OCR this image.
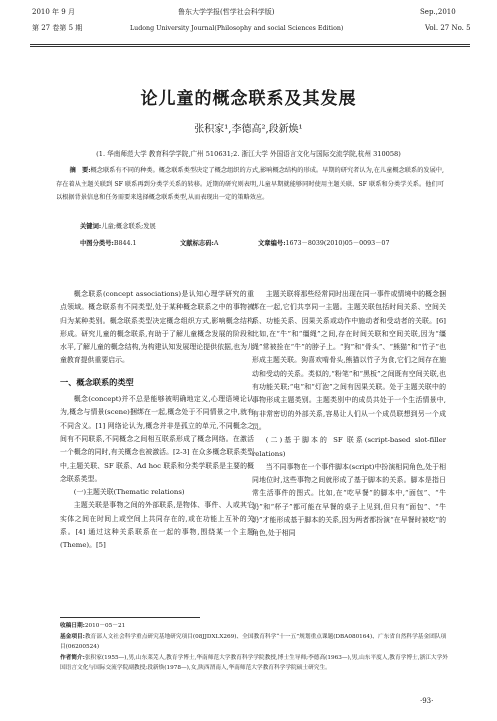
2010 年 9 月	鲁东大学学报(哲学社会科学版)	Sep.,2010
第 27 卷第 5 期	Ludong University Journal(Philosophy and social Sciences Edition)	Vol. 27 No. 5
论儿童的概念联系及其发展
张积家¹,李德高²,段新焕¹
(1. 华南师范大学 教育科学学院,广州 510631;2. 浙江大学 外国语言文化与国际交流学院,杭州 310058)

摘　要:概念联系有不同的种类。概念联系类型决定了概念组织的方式,影响概念结构的形成。早期的研究者认为,在儿童概念联系的发展中,存在着从主题关联到 SF 联系再到分类学关系的转移。近期的研究则表明,儿童早期就能够同时使用主题关联、SF 联系和分类学关系。他们可以根据背景信息和任务需要来选择概念联系类型,从而表现出一定的策略效应。

关键词:儿童;概念联系;发展
中图分类号:B844.1	文献标志码:A	文章编号:1673－8039(2010)05－0093－07

概念联系(concept associations)是认知心理学研究的重点领域。概念联系有不同类型,处于某种概念联系之中的事物被归为某种类别。概念联系类型决定概念组织方式,影响概念结构形成。研究儿童的概念联系,有助于了解儿童概念发展的阶段和水平,了解儿童的概念结构,为构建认知发展理论提供依据,也为儿童教育提供重要启示。

一、概念联系的类型

概念(concept)并不总是能够被明确地定义,心理语境论认为,概念与情景(scene)捆绑在一起,概念处于不同情景之中,就有不同含义。[1] 网络论认为,概念并非是孤立的单元,不同概念之间有不同联系,不同概念之间相互联系形成了概念网络。在激活一个概念的同时,有关概念也被激活。[2-3] 在众多概念联系类型中,主题关联、SF 联系、Ad hoc 联系和分类学联系是主要的概念联系类型。

(一)主题关联(Thematic relations)

主题关联是事物之间的外部联系,是物体、事件、人或其它实体之间在时间上或空间上共同存在的,或在功能上互补的关系。[4] 通过这种关系联系在一起的事物,围绕某一个主题(Theme)。[5]

主题关联将那些经常同时出现在同一事件或情境中的概念捆绑在一起,它们共享同一主题。主题关联包括时间关系、空间关系、功能关系、因果关系或动作中施动者和受动者的关联。[6] 比如,在“牛”和“缰绳”之间,存在时间关联和空间关联,因为“缰绳”常被拴在“牛”的脖子上。“狗”和“骨头”、“熊猫”和“竹子”也形成主题关联。狗喜欢啃骨头,熊猫以竹子为食,它们之间存在施动和受动的关系。类似的,“粉笔”和“黑板”之间既有空间关联,也有功能关联;“电”和“灯泡”之间有因果关联。处于主题关联中的事物形成主题类别。主题类别中的成员共处于一个生活情景中,有非常密切的外部关系,容易让人们从一个成员联想到另一个成员。

(二)基于脚本的 SF 联系(script-based slot-filler relations)

当不同事物在一个事件脚本(script)中扮演相同角色,处于相同地位时,这些事物之间就形成了基于脚本的关系。脚本是指日常生活事件的图式。比如,在“吃早餐”的脚本中,“面包”、“牛奶”和“杯子”都可能在早餐的桌子上见到,但只有“面包”、“牛奶”才能形成基于脚本的关系,因为两者都扮演“在早餐时被吃”的角色,处于相同

收稿日期:2010－05－21

基金项目:教育部人文社会科学重点研究基地研究项目(08JJDXLX269)、全国教育科学“十一五”规划重点课题(DBA080164)、广东省自然科学基金团队项目(06200524)

作者简介:张积家(1955—),男,山东莱芜人,教育学博士,华南师范大学教育科学学院教授,博士生导师;李德高(1963—),男,山东平度人,教育学博士,浙江大学外国语言文化与国际交流学院副教授;段新焕(1978—),女,陕西渭南人,华南师范大学教育科学学院硕士研究生。

·93·
